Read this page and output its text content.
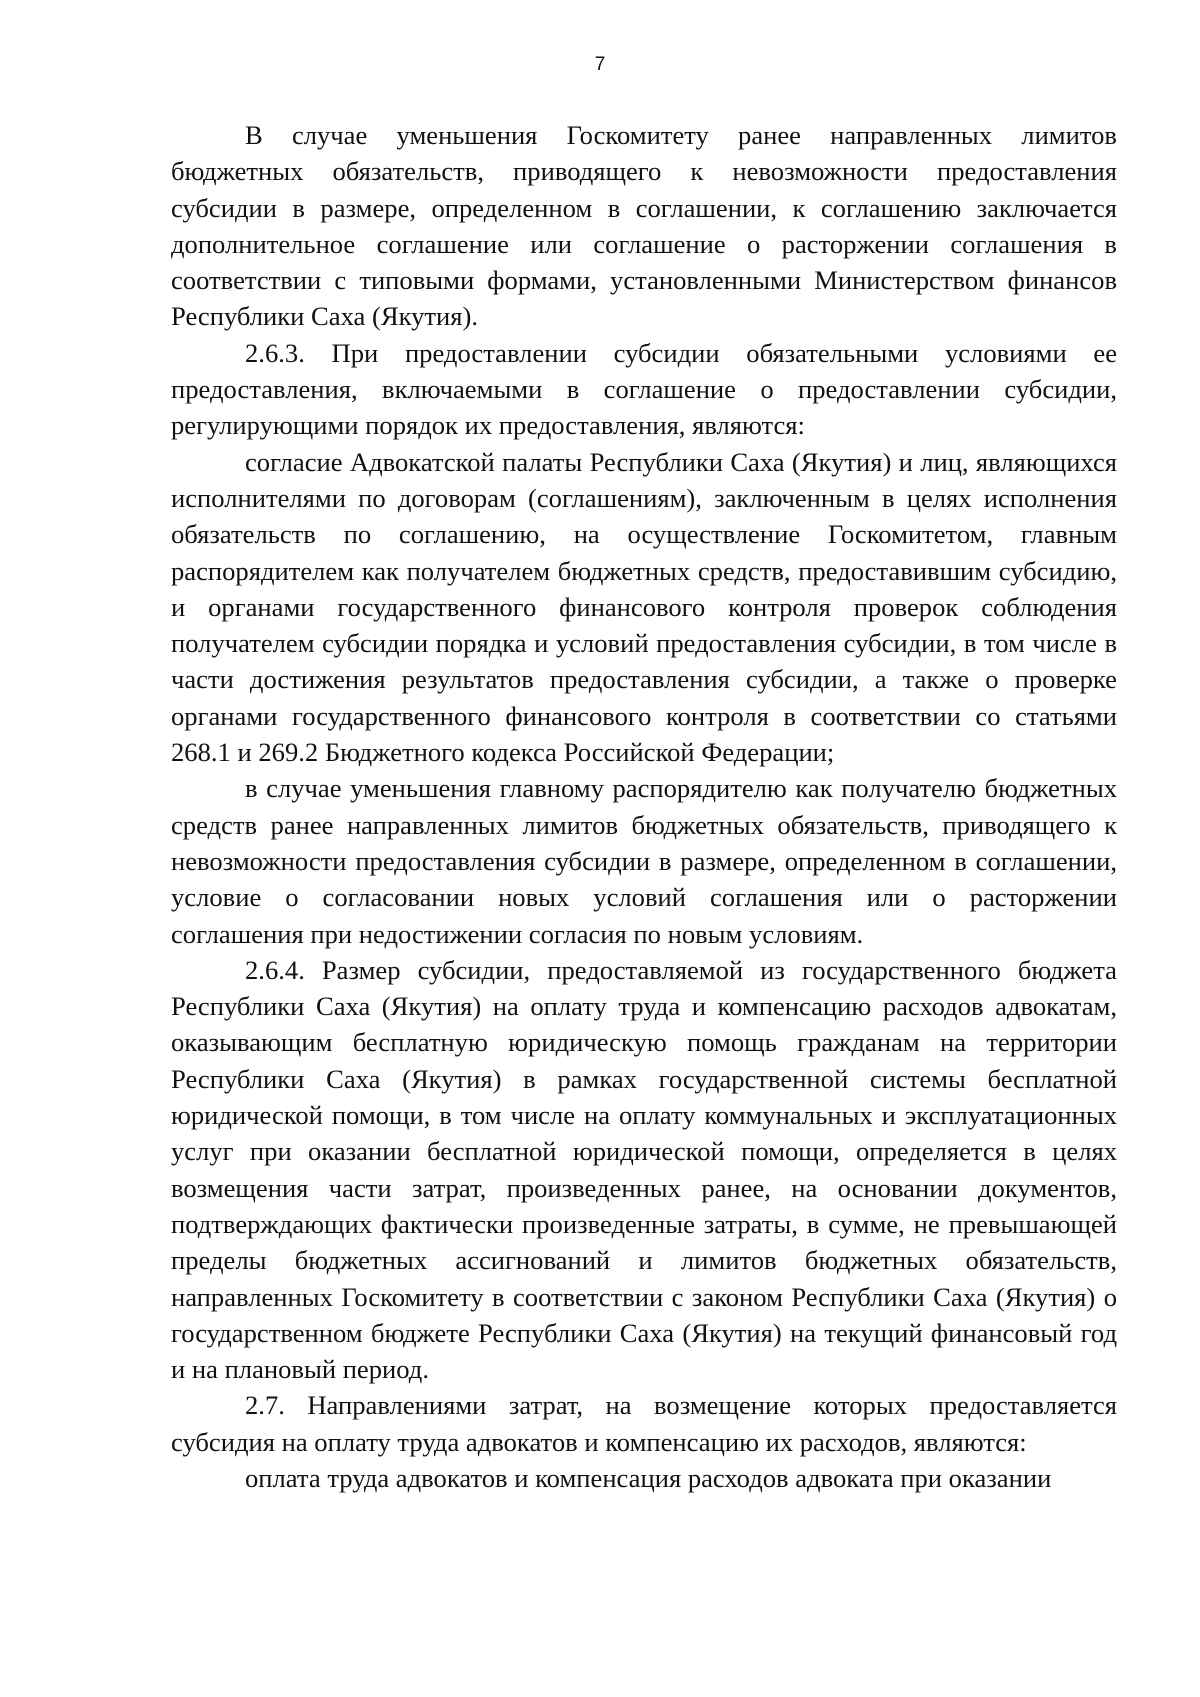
7

В случае уменьшения Госкомитету ранее направленных лимитов бюджетных обязательств, приводящего к невозможности предоставления субсидии в размере, определенном в соглашении, к соглашению заключается дополнительное соглашение или соглашение о расторжении соглашения в соответствии с типовыми формами, установленными Министерством финансов Республики Саха (Якутия).

2.6.3. При предоставлении субсидии обязательными условиями ее предоставления, включаемыми в соглашение о предоставлении субсидии, регулирующими порядок их предоставления, являются:

согласие Адвокатской палаты Республики Саха (Якутия) и лиц, являющихся исполнителями по договорам (соглашениям), заключенным в целях исполнения обязательств по соглашению, на осуществление Госкомитетом, главным распорядителем как получателем бюджетных средств, предоставившим субсидию, и органами государственного финансового контроля проверок соблюдения получателем субсидии порядка и условий предоставления субсидии, в том числе в части достижения результатов предоставления субсидии, а также о проверке органами государственного финансового контроля в соответствии со статьями 268.1 и 269.2 Бюджетного кодекса Российской Федерации;

в случае уменьшения главному распорядителю как получателю бюджетных средств ранее направленных лимитов бюджетных обязательств, приводящего к невозможности предоставления субсидии в размере, определенном в соглашении, условие о согласовании новых условий соглашения или о расторжении соглашения при недостижении согласия по новым условиям.

2.6.4. Размер субсидии, предоставляемой из государственного бюджета Республики Саха (Якутия) на оплату труда и компенсацию расходов адвокатам, оказывающим бесплатную юридическую помощь гражданам на территории Республики Саха (Якутия) в рамках государственной системы бесплатной юридической помощи, в том числе на оплату коммунальных и эксплуатационных услуг при оказании бесплатной юридической помощи, определяется в целях возмещения части затрат, произведенных ранее, на основании документов, подтверждающих фактически произведенные затраты, в сумме, не превышающей пределы бюджетных ассигнований и лимитов бюджетных обязательств, направленных Госкомитету в соответствии с законом Республики Саха (Якутия) о государственном бюджете Республики Саха (Якутия) на текущий финансовый год и на плановый период.

2.7. Направлениями затрат, на возмещение которых предоставляется субсидия на оплату труда адвокатов и компенсацию их расходов, являются:

оплата труда адвокатов и компенсация расходов адвоката при оказании
